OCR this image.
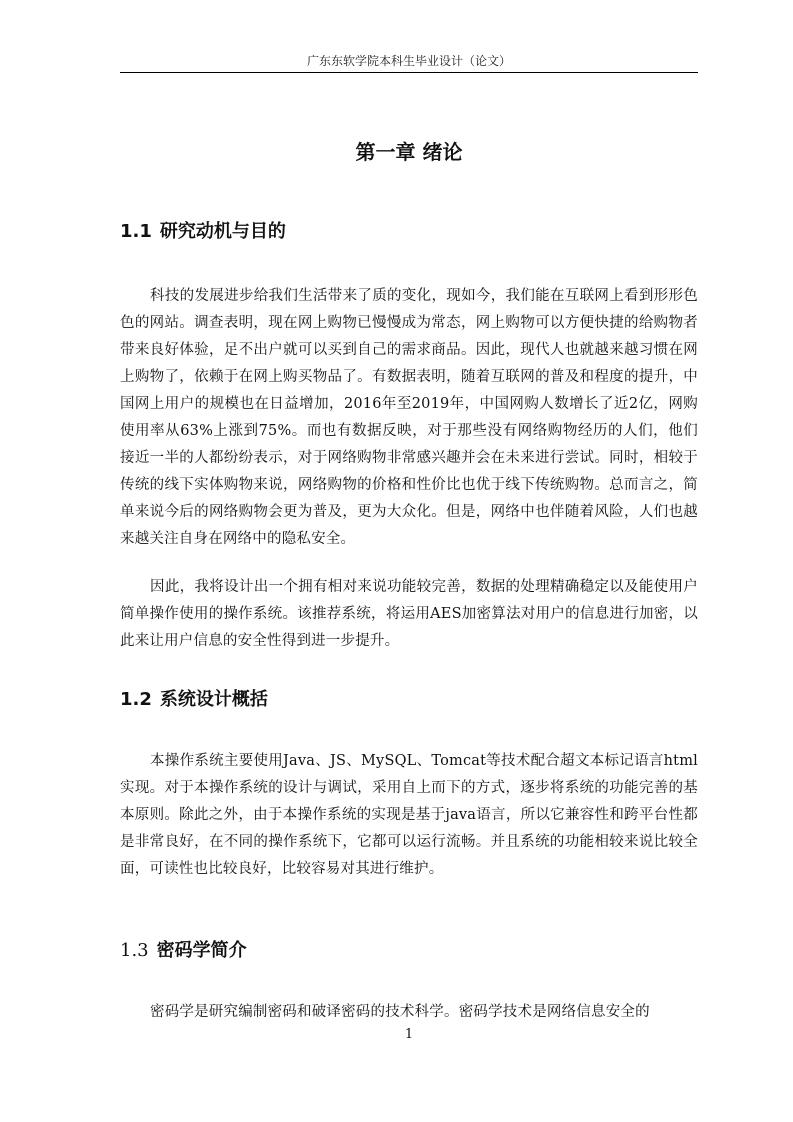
广东东软学院本科生毕业设计（论文）
第一章 绪论
1.1 研究动机与目的

科技的发展进步给我们生活带来了质的变化，现如今，我们能在互联网上看到形形色色的网站。调查表明，现在网上购物已慢慢成为常态，网上购物可以方便快捷的给购物者带来良好体验，足不出户就可以买到自己的需求商品。因此，现代人也就越来越习惯在网上购物了，依赖于在网上购买物品了。有数据表明，随着互联网的普及和程度的提升，中国网上用户的规模也在日益增加，2016年至2019年，中国网购人数增长了近2亿，网购使用率从63%上涨到75%。而也有数据反映，对于那些没有网络购物经历的人们，他们接近一半的人都纷纷表示，对于网络购物非常感兴趣并会在未来进行尝试。同时，相较于传统的线下实体购物来说，网络购物的价格和性价比也优于线下传统购物。总而言之，简单来说今后的网络购物会更为普及，更为大众化。但是，网络中也伴随着风险，人们也越来越关注自身在网络中的隐私安全。

因此，我将设计出一个拥有相对来说功能较完善，数据的处理精确稳定以及能使用户简单操作使用的操作系统。该推荐系统，将运用AES加密算法对用户的信息进行加密，以此来让用户信息的安全性得到进一步提升。

1.2 系统设计概括

本操作系统主要使用Java、JS、MySQL、Tomcat等技术配合超文本标记语言html实现。对于本操作系统的设计与调试，采用自上而下的方式，逐步将系统的功能完善的基本原则。除此之外，由于本操作系统的实现是基于java语言，所以它兼容性和跨平台性都是非常良好，在不同的操作系统下，它都可以运行流畅。并且系统的功能相较来说比较全面，可读性也比较良好，比较容易对其进行维护。

1.3 密码学简介

密码学是研究编制密码和破译密码的技术科学。密码学技术是网络信息安全的

1
